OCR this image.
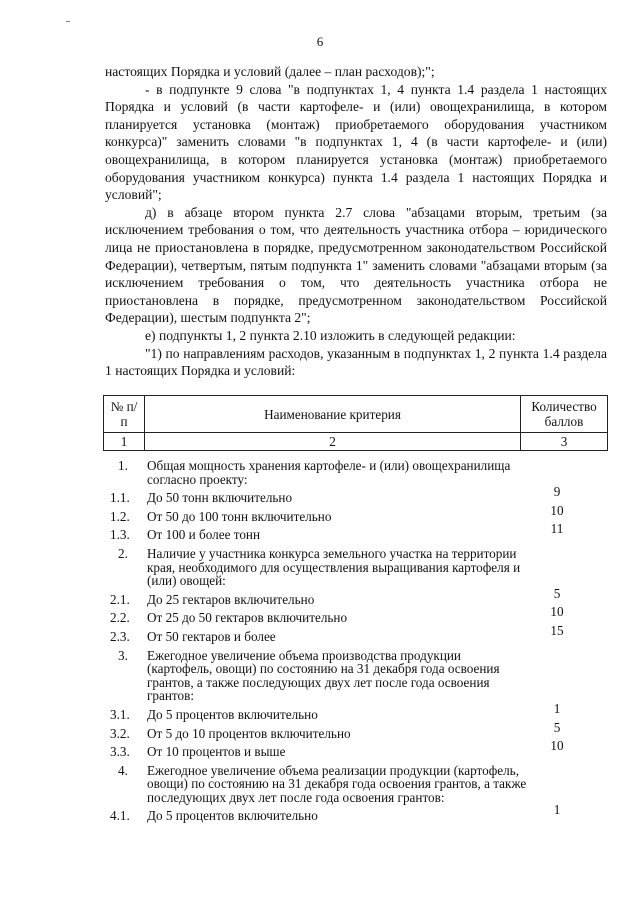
6

настоящих Порядка и условий (далее – план расходов);";

- в подпункте 9 слова "в подпунктах 1, 4 пункта 1.4 раздела 1 настоящих Порядка и условий (в части картофеле- и (или) овощехранилища, в котором планируется установка (монтаж) приобретаемого оборудования участником конкурса)" заменить словами "в подпунктах 1, 4 (в части картофеле- и (или) овощехранилища, в котором планируется установка (монтаж) приобретаемого оборудования участником конкурса) пункта 1.4 раздела 1 настоящих Порядка и условий";

д) в абзаце втором пункта 2.7 слова "абзацами вторым, третьим (за исключением требования о том, что деятельность участника отбора – юридического лица не приостановлена в порядке, предусмотренном законодательством Российской Федерации), четвертым, пятым подпункта 1" заменить словами "абзацами вторым (за исключением требования о том, что деятельность участника отбора не приостановлена в порядке, предусмотренном законодательством Российской Федерации), шестым подпункта 2";

е) подпункты 1, 2 пункта 2.10 изложить в следующей редакции:

"1) по направлениям расходов, указанным в подпунктах 1, 2 пункта 1.4 раздела 1 настоящих Порядка и условий:

№ п/п	Наименование критерия	Количество баллов
1	2	3
1.	Общая мощность хранения картофеле- и (или) овощехранилища согласно проекту:
1.1.	До 50 тонн включительно	9
1.2.	От 50 до 100 тонн включительно	10
1.3.	От 100 и более тонн	11
2.	Наличие у участника конкурса земельного участка на территории края, необходимого для осуществления выращивания картофеля и (или) овощей:
2.1.	До 25 гектаров включительно	5
2.2.	От 25 до 50 гектаров включительно	10
2.3.	От 50 гектаров и более	15
3.	Ежегодное увеличение объема производства продукции (картофель, овощи) по состоянию на 31 декабря года освоения грантов, а также последующих двух лет после года освоения грантов:
3.1.	До 5 процентов включительно	1
3.2.	От 5 до 10 процентов включительно	5
3.3.	От 10 процентов и выше	10
4.	Ежегодное увеличение объема реализации продукции (картофель, овощи) по состоянию на 31 декабря года освоения грантов, а также последующих двух лет после года освоения грантов:
4.1.	До 5 процентов включительно	1
